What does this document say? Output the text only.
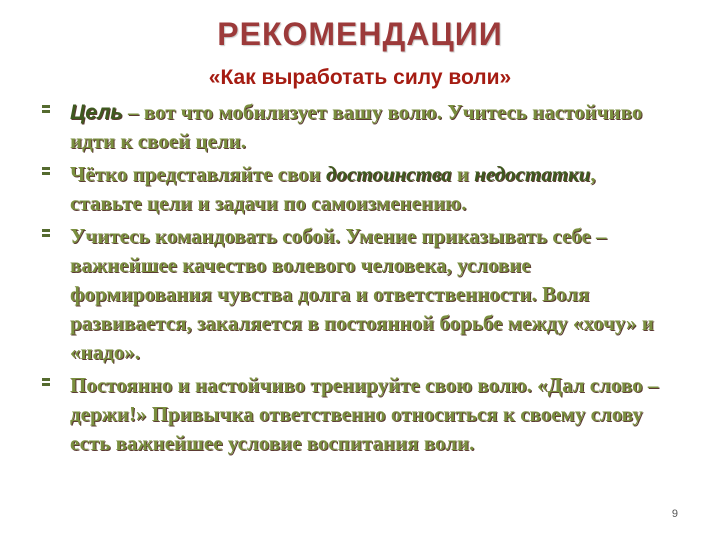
РЕКОМЕНДАЦИИ
«Как выработать силу воли»
Цель – вот что мобилизует вашу волю. Учитесь настойчиво идти к своей цели.
Чётко представляйте свои достоинства и недостатки, ставьте цели и задачи по самоизменению.
Учитесь командовать собой. Умение приказывать себе – важнейшее качество волевого человека, условие формирования чувства долга и ответственности. Воля развивается, закаляется в постоянной борьбе между «хочу» и «надо».
Постоянно и настойчиво тренируйте свою волю. «Дал слово – держи!» Привычка ответственно относиться к своему слову есть важнейшее условие воспитания воли.
9
